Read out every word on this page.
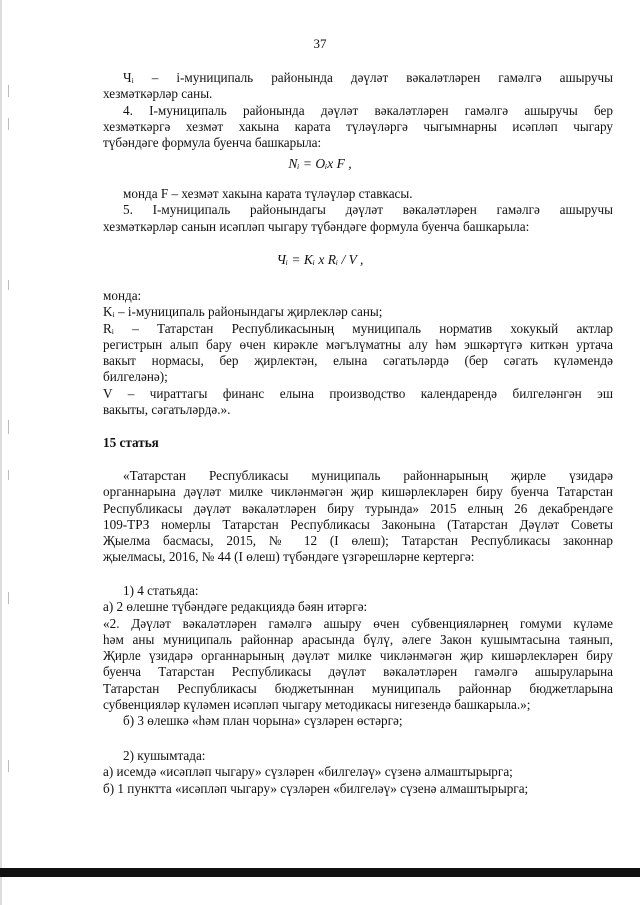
37
Чᵢ – і-муниципаль районында дәүләт вәкаләтләрен гамәлгә ашыручы
хезмәткәрләр саны.
4. І-муниципаль районында дәүләт вәкаләтләрен гамәлгә ашыручы бер
хезмәткәргә хезмәт хакына карата түләүләргә чыгымнарны исәпләп чыгару
түбәндәге формула буенча башкарыла:
Nᵢ = Oᵢx F ,
монда F – хезмәт хакына карата түләүләр ставкасы.
5. І-муниципаль районындагы дәүләт вәкаләтләрен гамәлгә ашыручы
хезмәткәрләр санын исәпләп чыгару түбәндәге формула буенча башкарыла:
Чᵢ = Kᵢ x Rᵢ / V ,
монда:
Kᵢ – і-муниципаль районындагы җирлекләр саны;
Rᵢ – Татарстан Республикасының муниципаль норматив хокукый актлар
регистрын алып бару өчен кирәкле мәгълүматны алу һәм эшкәртүгә киткән уртача
вакыт нормасы, бер җирлектән, елына сәгатьләрдә (бер сәгать күләмендә
билгеләнә);
V – чираттагы финанс елына производство календарендә билгеләнгән эш
вакыты, сәгатьләрдә.».
15 статья
«Татарстан Республикасы муниципаль районнарының җирле үзидарә
органнарына дәүләт милке чикләнмәгән җир кишәрлекләрен биру буенча Татарстан
Республикасы дәүләт вәкаләтләрен биру турында» 2015 елның 26 декабрендәге
109-ТРЗ номерлы Татарстан Республикасы Законына (Татарстан Дәүләт Советы
Җыелма басмасы, 2015, № 12 (I өлеш); Татарстан Республикасы законнар
җыелмасы, 2016, № 44 (I өлеш) түбәндәге үзгәрешләрне кертергә:
1) 4 статьяда:
а) 2 өлешне түбәндәге редакциядә бәян итәргә:
«2. Дәүләт вәкаләтләрен гамәлгә ашыру өчен субвенцияләрнең гомуми күләме
һәм аны муниципаль районнар арасында бүлү, әлеге Закон кушымтасына таянып,
Җирле үзидарә органнарының дәүләт милке чикләнмәгән җир кишәрлекләрен биру
буенча Татарстан Республикасы дәүләт вәкаләтләрен гамәлгә ашыруларына
Татарстан Республикасы бюджетыннан муниципаль районнар бюджетларына
субвенцияләр күләмен исәпләп чыгару методикасы нигезендә башкарыла.»;
б) 3 өлешкә «һәм план чорына» сүзләрен өстәргә;
2) кушымтада:
а) исемдә «исәпләп чыгару» сүзләрен «билгеләү» сүзенә алмаштырырга;
б) 1 пунктта «исәпләп чыгару» сүзләрен «билгеләү» сүзенә алмаштырырга;
